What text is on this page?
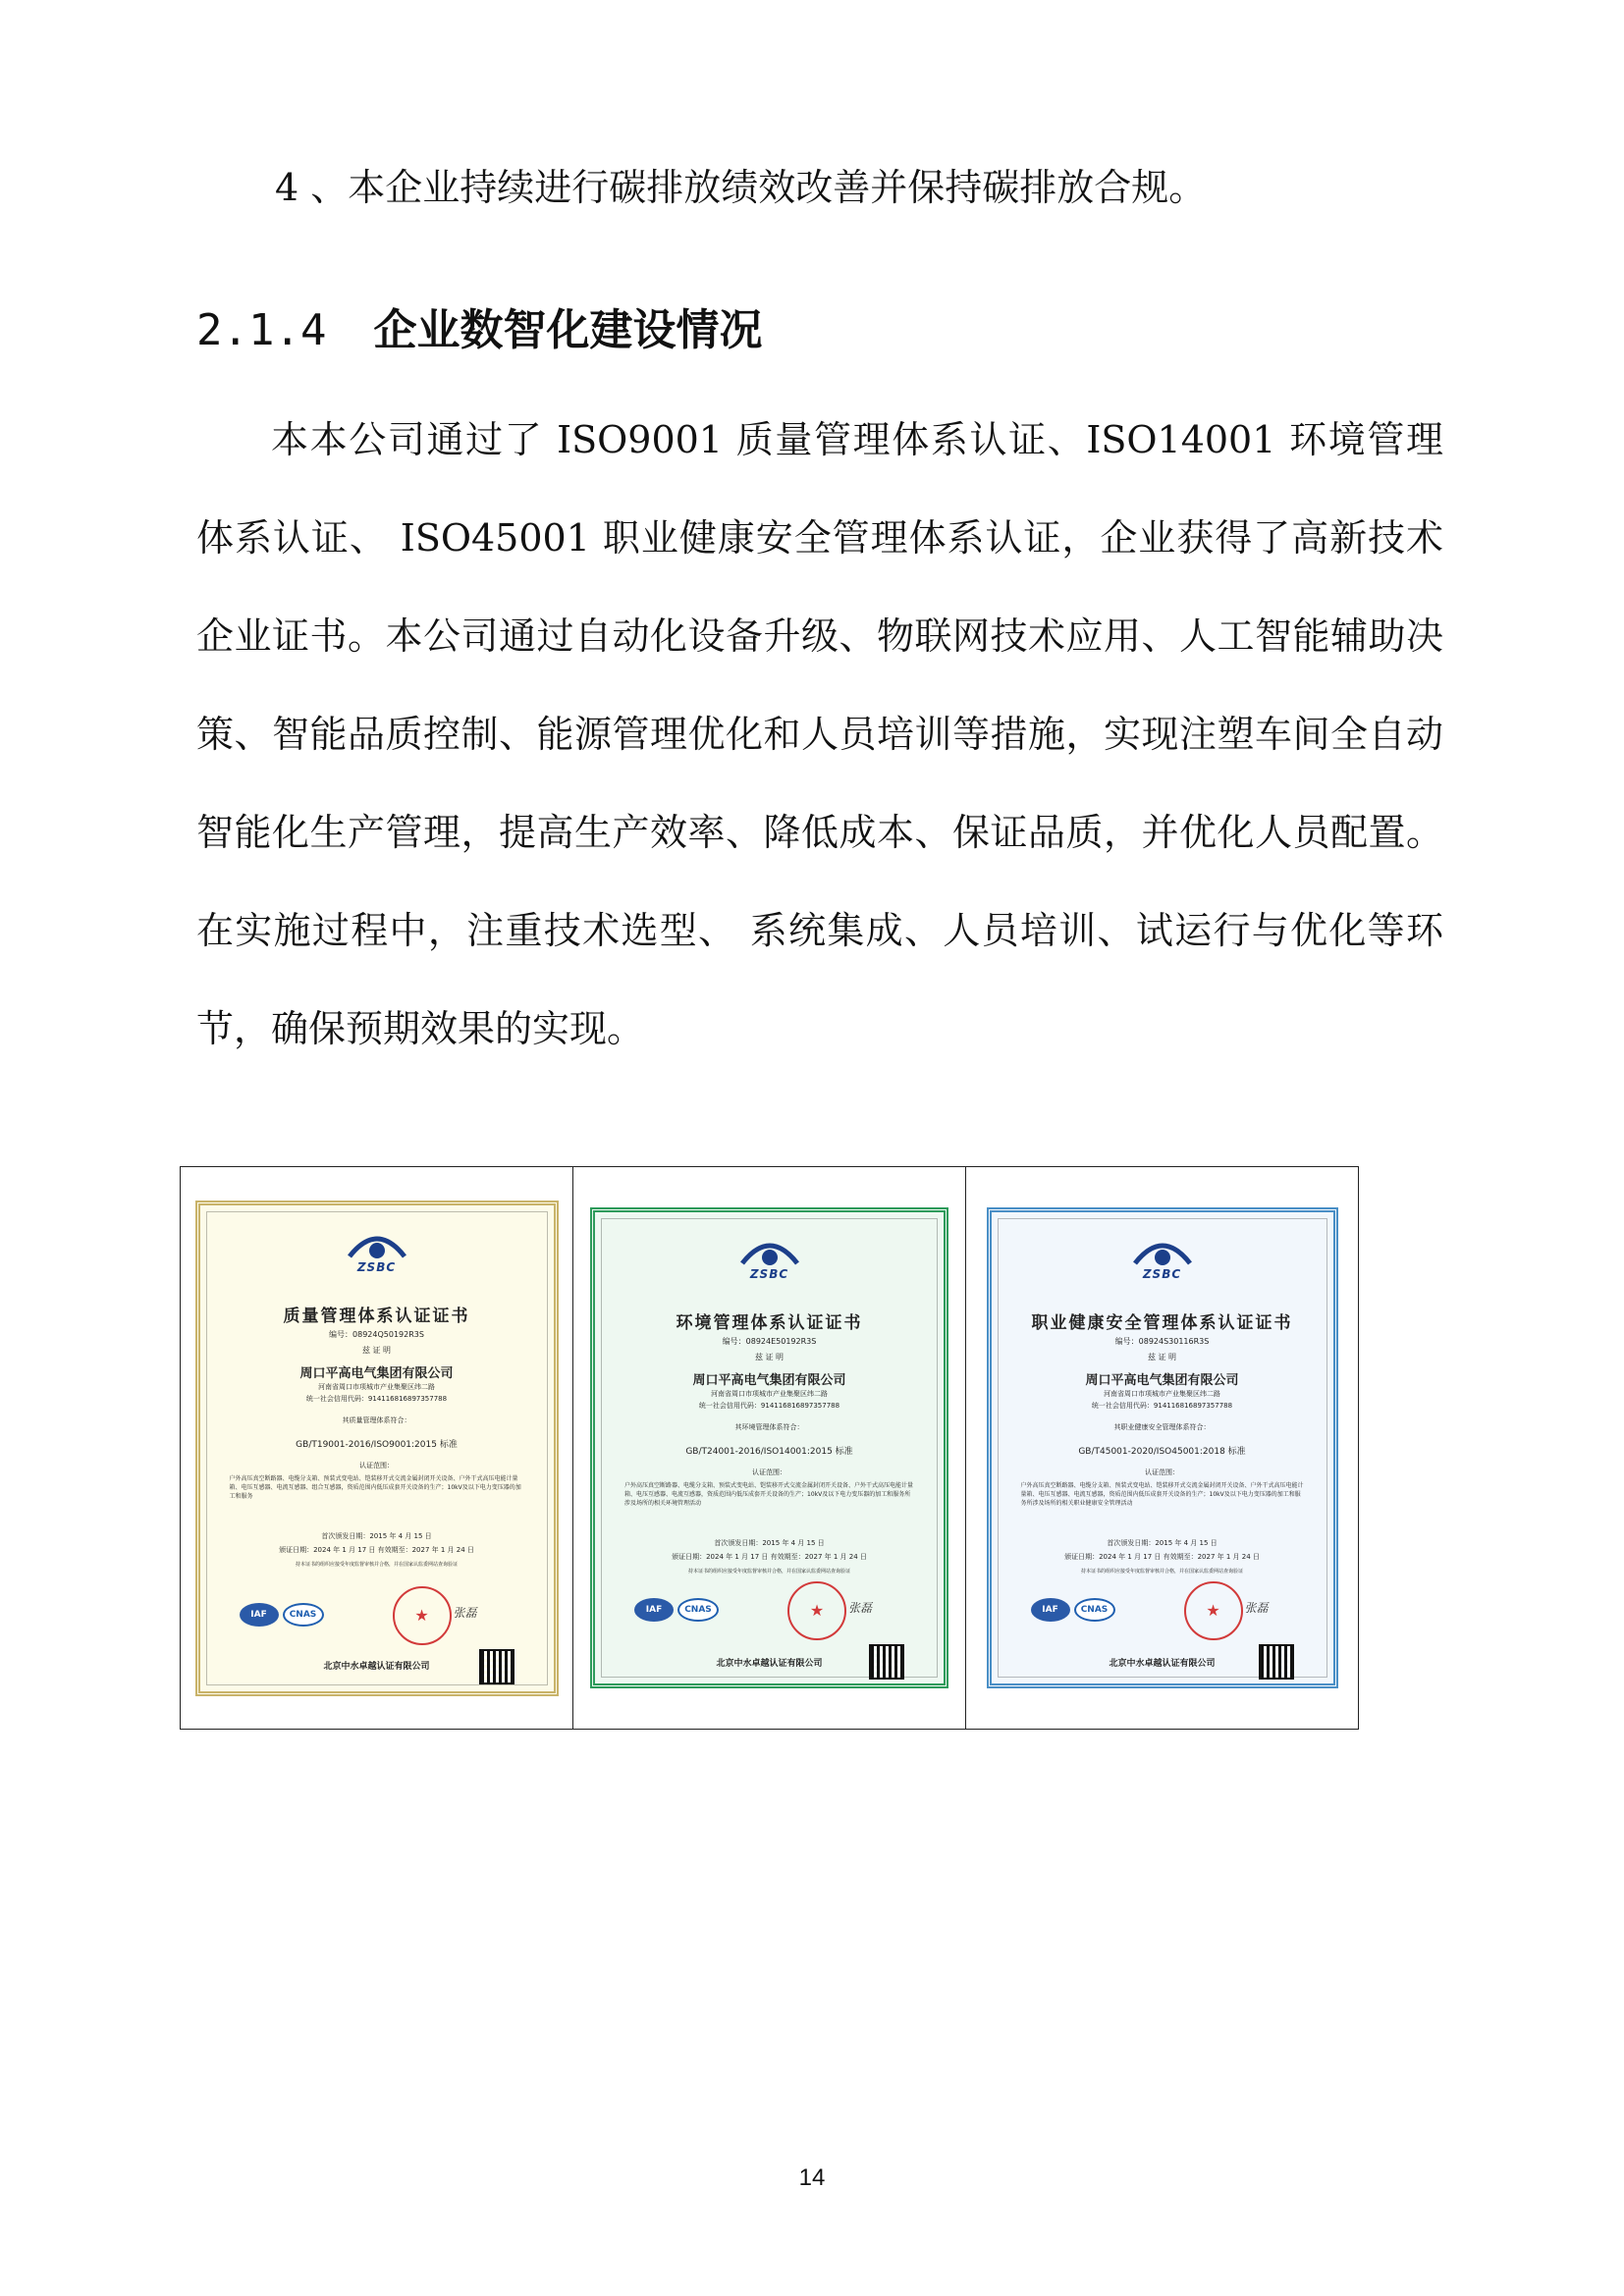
4 、本企业持续进行碳排放绩效改善并保持碳排放合规。

2.1.4 企业数智化建设情况

本本公司通过了 ISO9001 质量管理体系认证、ISO14001 环境管理体系认证、 ISO45001 职业健康安全管理体系认证，企业获得了高新技术企业证书。本公司通过自动化设备升级、物联网技术应用、人工智能辅助决策、智能品质控制、能源管理优化和人员培训等措施，实现注塑车间全自动智能化生产管理，提高生产效率、降低成本、保证品质，并优化人员配置。在实施过程中，注重技术选型、 系统集成、人员培训、试运行与优化等环节，确保预期效果的实现。

ZSBC
质量管理体系认证证书
编号：08924Q50192R3S
兹 证 明
周口平高电气集团有限公司
河南省周口市项城市产业集聚区纬二路
统一社会信用代码：914116816897357788
其质量管理体系符合：
GB/T19001-2016/ISO9001:2015 标准
认证范围：
户外高压真空断路器、电缆分支箱、预装式变电站、铠装移开式交流金属封闭开关设备、户外干式高压电能计量箱、电压互感器、电流互感器、组合互感器，资质范围内低压成套开关设备的生产；10kV及以下电力变压器的加工和服务
首次颁发日期：2015 年 4 月 15 日
颁证日期：2024 年 1 月 17 日 有效期至：2027 年 1 月 24 日
持本证书的组织应接受年度监督审核并合格，并在国家认监委网站查询验证
IAF	CNAS	★	张磊
北京中水卓越认证有限公司

ZSBC
环境管理体系认证证书
编号：08924E50192R3S
兹 证 明
周口平高电气集团有限公司
河南省周口市项城市产业集聚区纬二路
统一社会信用代码：914116816897357788
其环境管理体系符合：
GB/T24001-2016/ISO14001:2015 标准
认证范围：
户外高压真空断路器、电缆分支箱、预装式变电站、铠装移开式交流金属封闭开关设备、户外干式高压电能计量箱、电压互感器、电流互感器，资质范围内低压成套开关设备的生产；10kV及以下电力变压器的加工和服务所涉及场所的相关环境管理活动
首次颁发日期：2015 年 4 月 15 日
颁证日期：2024 年 1 月 17 日 有效期至：2027 年 1 月 24 日
持本证书的组织应接受年度监督审核并合格，并在国家认监委网站查询验证
IAF	CNAS	★	张磊
北京中水卓越认证有限公司

ZSBC
职业健康安全管理体系认证证书
编号：08924S30116R3S
兹 证 明
周口平高电气集团有限公司
河南省周口市项城市产业集聚区纬二路
统一社会信用代码：914116816897357788
其职业健康安全管理体系符合：
GB/T45001-2020/ISO45001:2018 标准
认证范围：
户外高压真空断路器、电缆分支箱、预装式变电站、铠装移开式交流金属封闭开关设备、户外干式高压电能计量箱、电压互感器、电流互感器，资质范围内低压成套开关设备的生产；10kV及以下电力变压器的加工和服务所涉及场所的相关职业健康安全管理活动
首次颁发日期：2015 年 4 月 15 日
颁证日期：2024 年 1 月 17 日 有效期至：2027 年 1 月 24 日
持本证书的组织应接受年度监督审核并合格，并在国家认监委网站查询验证
IAF	CNAS	★	张磊
北京中水卓越认证有限公司
14
